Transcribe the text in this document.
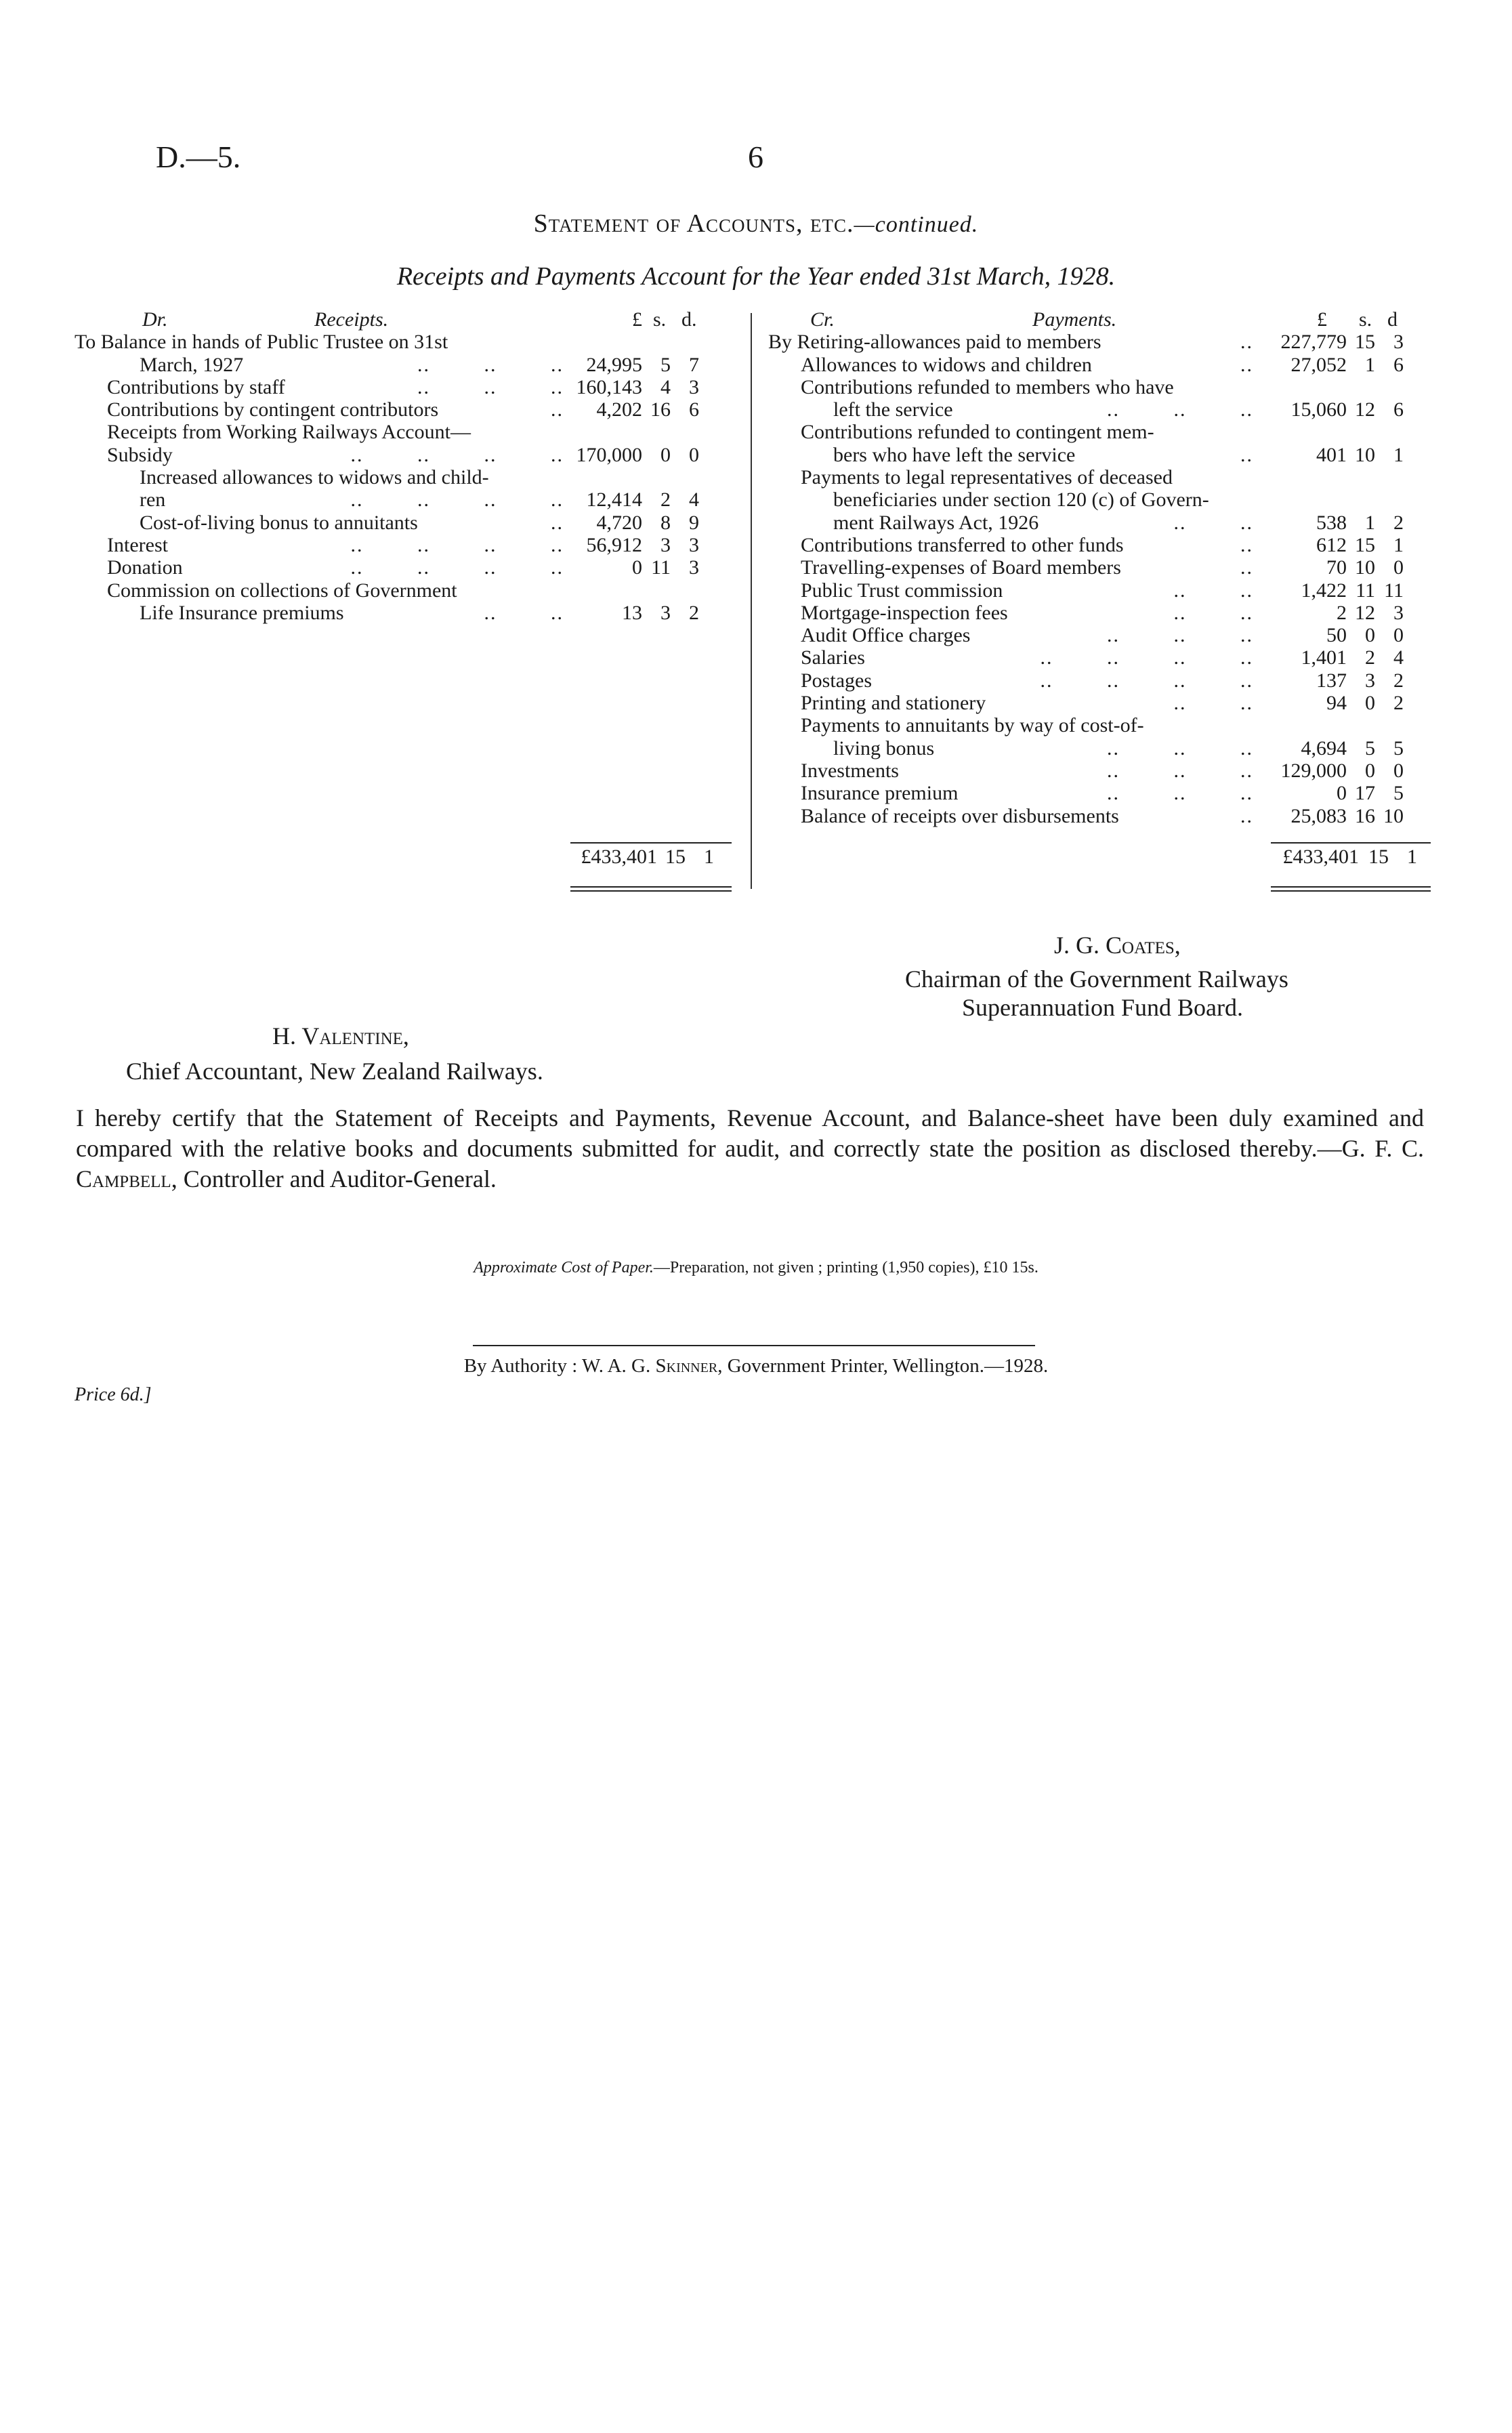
D.—5.	6
Statement of Accounts, etc.—continued.
Receipts and Payments Account for the Year ended 31st March, 1928.
Dr.	Receipts.	£ s. d.
To Balance in hands of Public Trustee on 31st
March, 1927	.. .. ..	24,995 5 7
Contributions by staff	.. .. .. 160,143 4 3
Contributions by contingent contributors	..	4,202 16 6
Receipts from Working Railways Account—
Subsidy	.. .. .. .. 170,000 0 0
Increased allowances to widows and child-
ren	.. .. .. ..	12,414 2 4
Cost-of-living bonus to annuitants	..	4,720 8 9
Interest	.. .. .. ..	56,912 3 3
Donation	.. .. .. ..	0 11 3
Commission on collections of Government
Life Insurance premiums	.. ..	13 3 2
Cr.	Payments.	£ s. d
By Retiring-allowances paid to members	..	227,779 15 3
Allowances to widows and children	..	27,052 1 6
Contributions refunded to members who have
left the service	.. .. ..	15,060 12 6
Contributions refunded to contingent mem-
bers who have left the service	..	401 10 1
Payments to legal representatives of deceased
beneficiaries under section 120 (c) of Govern-
ment Railways Act, 1926	.. ..	538 1 2
Contributions transferred to other funds	..	612 15 1
Travelling-expenses of Board members	..	70 10 0
Public Trust commission	.. ..	1,422 11 11
Mortgage-inspection fees	.. ..	2 12 3
Audit Office charges	.. .. ..	50 0 0
Salaries	.. .. .. ..	1,401 2 4
Postages	.. .. .. ..	137 3 2
Printing and stationery	.. ..	94 0 2
Payments to annuitants by way of cost-of-
living bonus	.. .. ..	4,694 5 5
Investments	.. .. ..	129,000 0 0
Insurance premium	.. .. ..	0 17 5
Balance of receipts over disbursements	..	25,083 16 10
£433,401 15 1	£433,401 15 1
J. G. Coates,
Chairman of the Government Railways
Superannuation Fund Board.
H. Valentine,
Chief Accountant, New Zealand Railways.
I hereby certify that the Statement of Receipts and Payments, Revenue Account, and Balance-sheet have been duly examined and compared with the relative books and documents submitted for audit, and correctly state the position as disclosed thereby.—G. F. C. Campbell, Controller and Auditor-General.
Approximate Cost of Paper.—Preparation, not given ; printing (1,950 copies), £10 15s.
By Authority : W. A. G. Skinner, Government Printer, Wellington.—1928.
Price 6d.]
